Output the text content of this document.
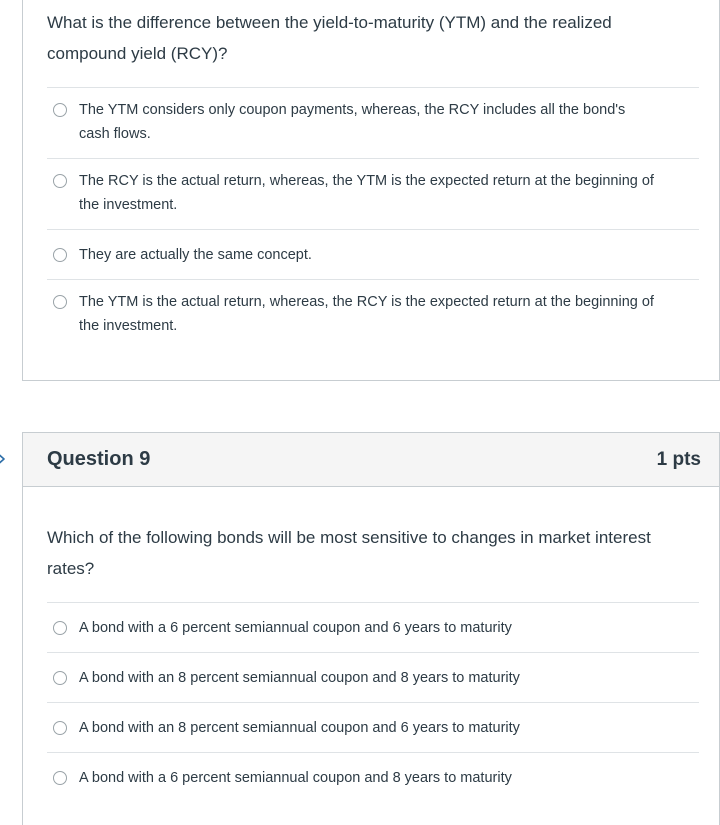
What is the difference between the yield-to-maturity (YTM) and the realized compound yield (RCY)?

The YTM considers only coupon payments, whereas, the RCY includes all the bond's cash flows.
The RCY is the actual return, whereas, the YTM is the expected return at the beginning of the investment.
They are actually the same concept.
The YTM is the actual return, whereas, the RCY is the expected return at the beginning of the investment.
Question 9	1 pts

Which of the following bonds will be most sensitive to changes in market interest rates?

A bond with a 6 percent semiannual coupon and 6 years to maturity
A bond with an 8 percent semiannual coupon and 8 years to maturity
A bond with an 8 percent semiannual coupon and 6 years to maturity
A bond with a 6 percent semiannual coupon and 8 years to maturity
